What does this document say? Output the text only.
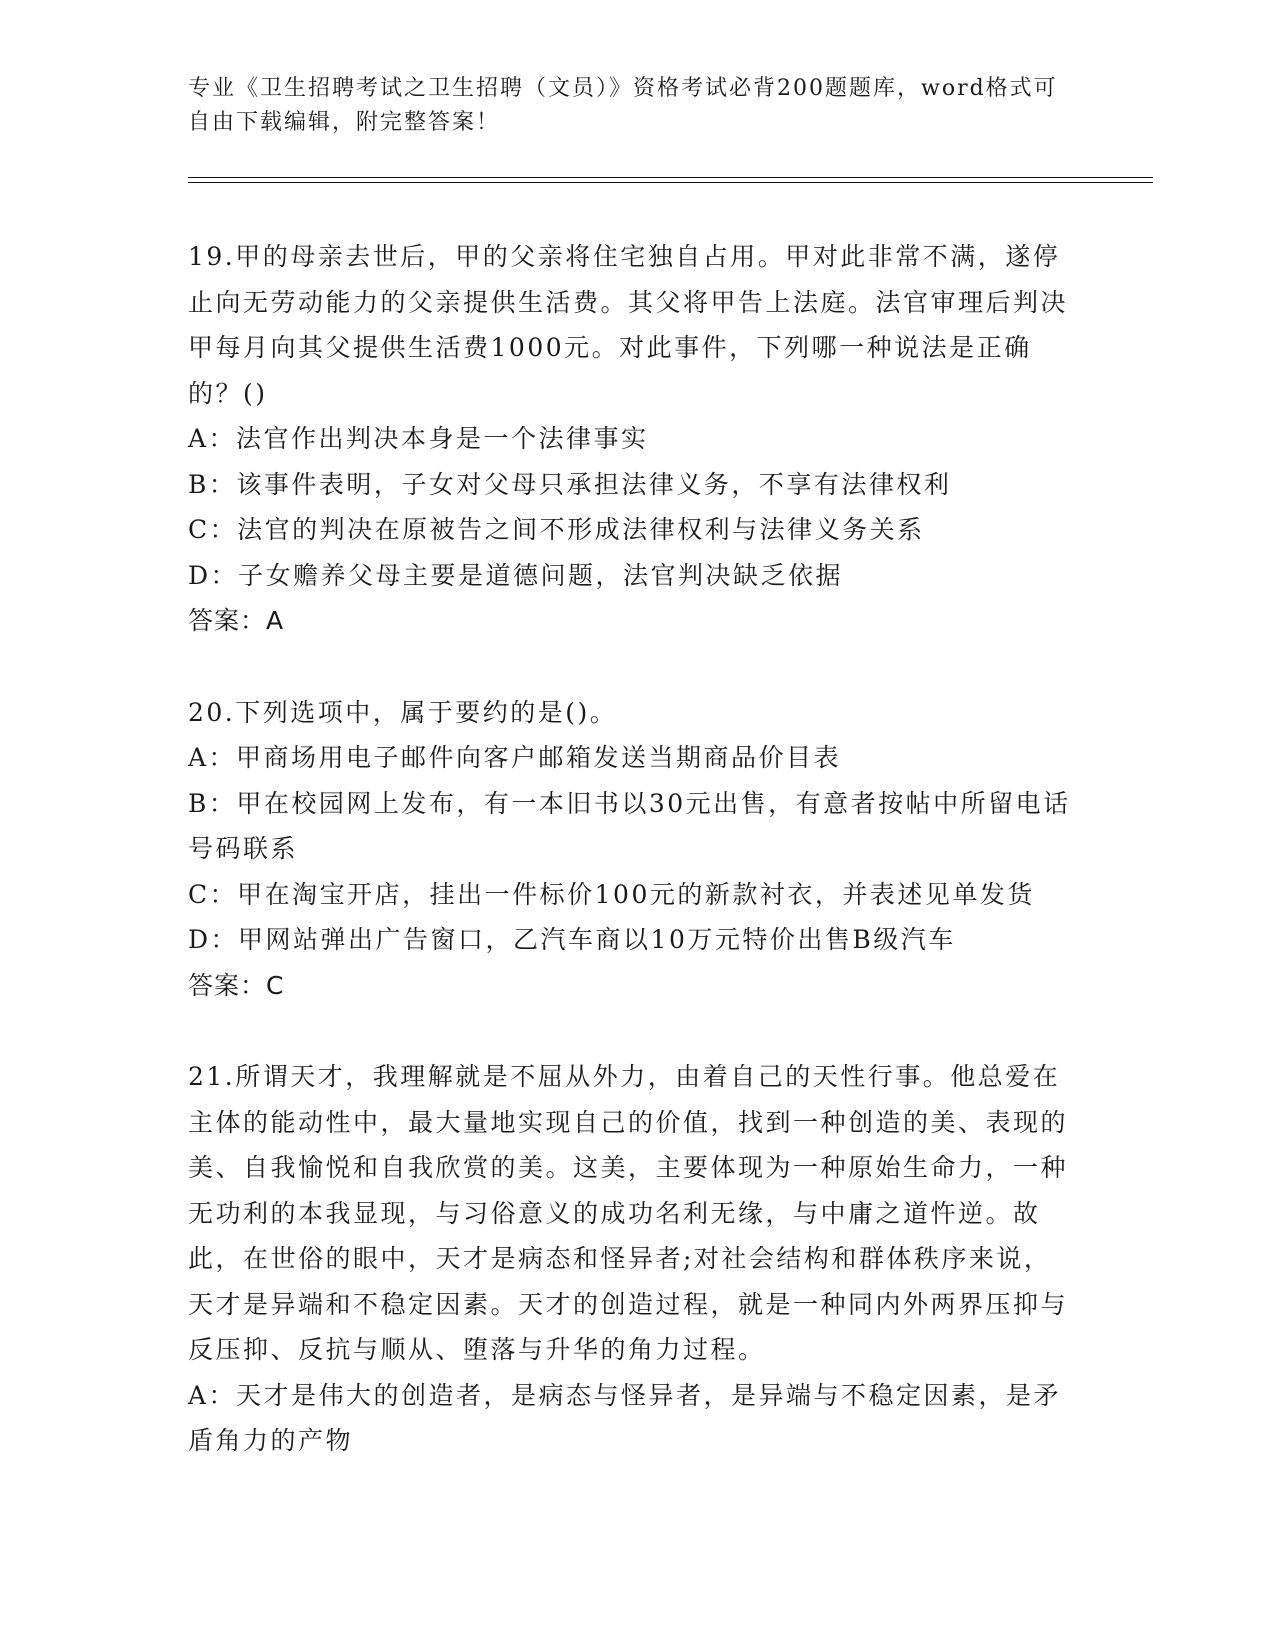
专业《卫生招聘考试之卫生招聘（文员）》资格考试必背200题题库，word格式可自由下载编辑，附完整答案！

19.甲的母亲去世后，甲的父亲将住宅独自占用。甲对此非常不满，遂停止向无劳动能力的父亲提供生活费。其父将甲告上法庭。法官审理后判决甲每月向其父提供生活费1000元。对此事件，下列哪一种说法是正确的？()

A：法官作出判决本身是一个法律事实

B：该事件表明，子女对父母只承担法律义务，不享有法律权利

C：法官的判决在原被告之间不形成法律权利与法律义务关系

D：子女赡养父母主要是道德问题，法官判决缺乏依据

答案：A

20.下列选项中，属于要约的是()。

A：甲商场用电子邮件向客户邮箱发送当期商品价目表

B：甲在校园网上发布，有一本旧书以30元出售，有意者按帖中所留电话号码联系

C：甲在淘宝开店，挂出一件标价100元的新款衬衣，并表述见单发货

D：甲网站弹出广告窗口，乙汽车商以10万元特价出售B级汽车

答案：C

21.所谓天才，我理解就是不屈从外力，由着自己的天性行事。他总爱在主体的能动性中，最大量地实现自己的价值，找到一种创造的美、表现的美、自我愉悦和自我欣赏的美。这美，主要体现为一种原始生命力，一种无功利的本我显现，与习俗意义的成功名利无缘，与中庸之道忤逆。故此，在世俗的眼中，天才是病态和怪异者;对社会结构和群体秩序来说，天才是异端和不稳定因素。天才的创造过程，就是一种同内外两界压抑与反压抑、反抗与顺从、堕落与升华的角力过程。

A：天才是伟大的创造者，是病态与怪异者，是异端与不稳定因素，是矛盾角力的产物
